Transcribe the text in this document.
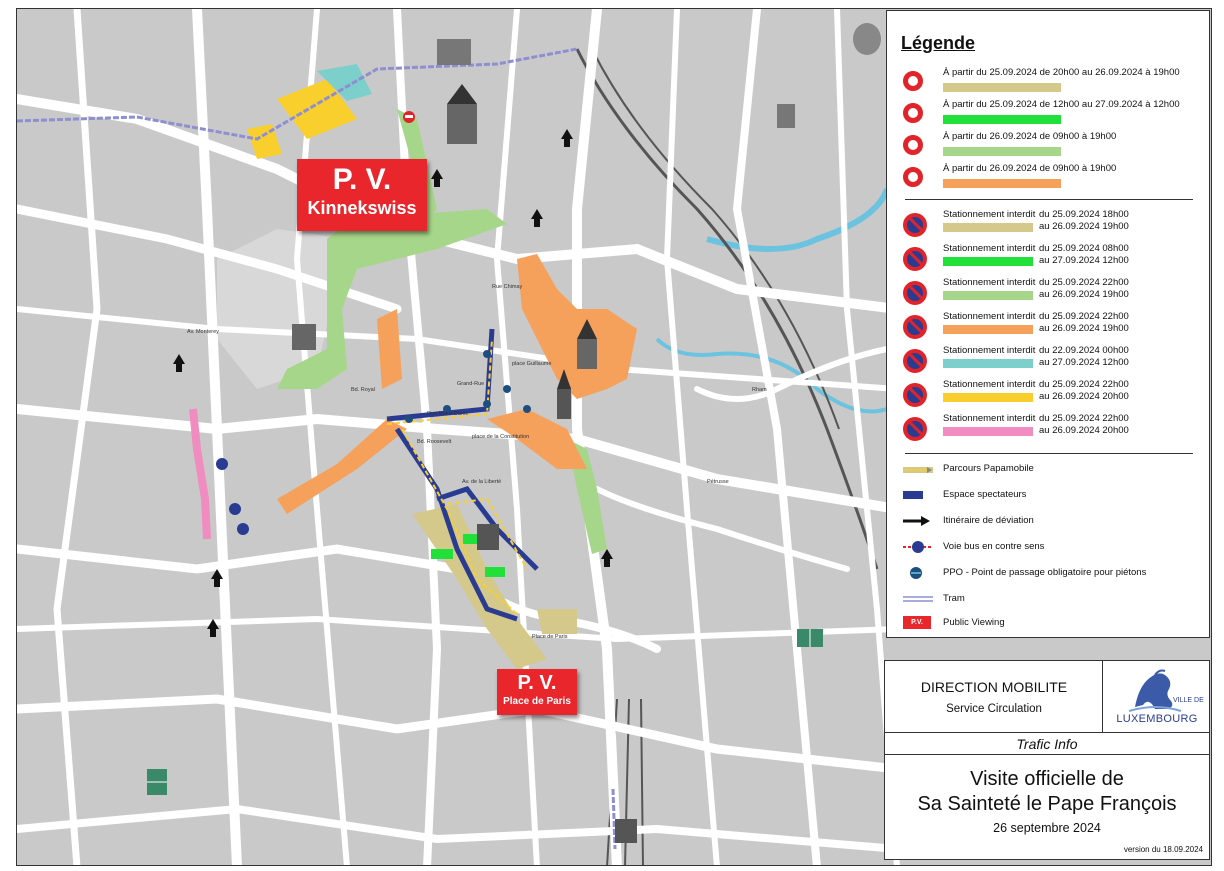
Rue Notre-Dame
Bd. Royal
Grand-Rue
place de la Constitution
Bd. Roosevelt
Av. de la Liberté
Place de Paris
Rue Chimay
Av. Monterey
Rham
Pétrusse
place Guillaume
P. V.
Kinnekswiss
P. V.
Place de Paris
Légende
À partir du 25.09.2024 de 20h00 au 26.09.2024 à 19h00
À partir du 25.09.2024 de 12h00 au 27.09.2024 à 12h00
À partir du 26.09.2024 de 09h00 à 19h00
À partir du 26.09.2024 de 09h00 à 19h00
Stationnement interdit du 25.09.2024 18h00
au 26.09.2024 19h00
Stationnement interdit du 25.09.2024 08h00
au 27.09.2024 12h00
Stationnement interdit du 25.09.2024 22h00
au 26.09.2024 19h00
Stationnement interdit du 25.09.2024 22h00
au 26.09.2024 19h00
Stationnement interdit du 22.09.2024 00h00
au 27.09.2024 12h00
Stationnement interdit du 25.09.2024 22h00
au 26.09.2024 20h00
Stationnement interdit du 25.09.2024 22h00
au 26.09.2024 20h00
Parcours Papamobile
Espace spectateurs
Itinéraire de déviation
Voie bus en contre sens
PPO - Point de passage obligatoire pour piétons
Tram
P.V.	Public Viewing
DIRECTION MOBILITE
Service Circulation
VILLE DE
LUXEMBOURG
Trafic Info
Visite officielle de
Sa Sainteté le Pape François
26 septembre 2024
version du 18.09.2024
